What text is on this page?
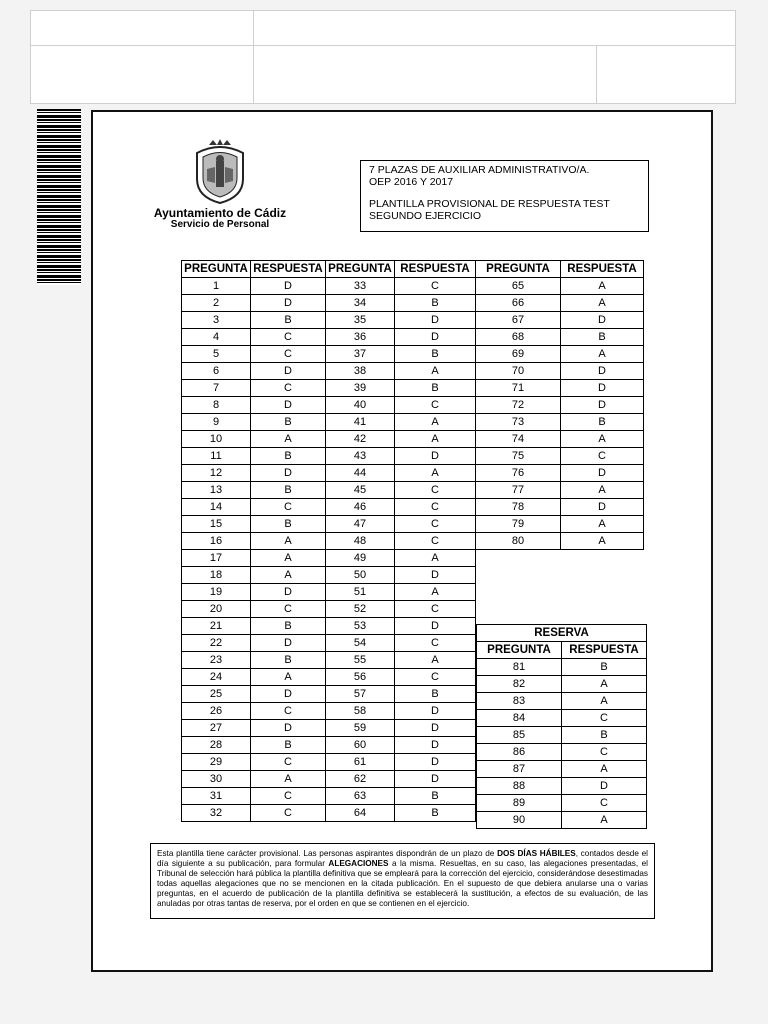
Ayuntamiento de Cádiz
Servicio de Personal
7 PLAZAS DE AUXILIAR ADMINISTRATIVO/A.
OEP 2016 Y 2017
PLANTILLA PROVISIONAL DE RESPUESTA TEST
SEGUNDO EJERCICIO
PREGUNTA	RESPUESTA	PREGUNTA	RESPUESTA	PREGUNTA	RESPUESTA
1	D	33	C	65	A
2	D	34	B	66	A
3	B	35	D	67	D
4	C	36	D	68	B
5	C	37	B	69	A
6	D	38	A	70	D
7	C	39	B	71	D
8	D	40	C	72	D
9	B	41	A	73	B
10	A	42	A	74	A
11	B	43	D	75	C
12	D	44	A	76	D
13	B	45	C	77	A
14	C	46	C	78	D
15	B	47	C	79	A
16	A	48	C	80	A
17	A	49	A		
18	A	50	D		
19	D	51	A		
20	C	52	C		
21	B	53	D		
22	D	54	C		
23	B	55	A		
24	A	56	C		
25	D	57	B		
26	C	58	D		
27	D	59	D		
28	B	60	D		
29	C	61	D		
30	A	62	D		
31	C	63	B		
32	C	64	B		
RESERVA	
PREGUNTA	RESPUESTA
81	B
82	A
83	A
84	C
85	B
86	C
87	A
88	D
89	C
90	A
Esta plantilla tiene carácter provisional. Las personas aspirantes dispondrán de un plazo de DOS DÍAS HÁBILES, contados desde el día siguiente a su publicación, para formular ALEGACIONES a la misma. Resueltas, en su caso, las alegaciones presentadas, el Tribunal de selección hará pública la plantilla definitiva que se empleará para la corrección del ejercicio, considerándose desestimadas todas aquellas alegaciones que no se mencionen en la citada publicación. En el supuesto de que debiera anularse una o varias preguntas, en el acuerdo de publicación de la plantilla definitiva se establecerá la sustitución, a efectos de su evaluación, de las anuladas por otras tantas de reserva, por el orden en que se contienen en el ejercicio.
